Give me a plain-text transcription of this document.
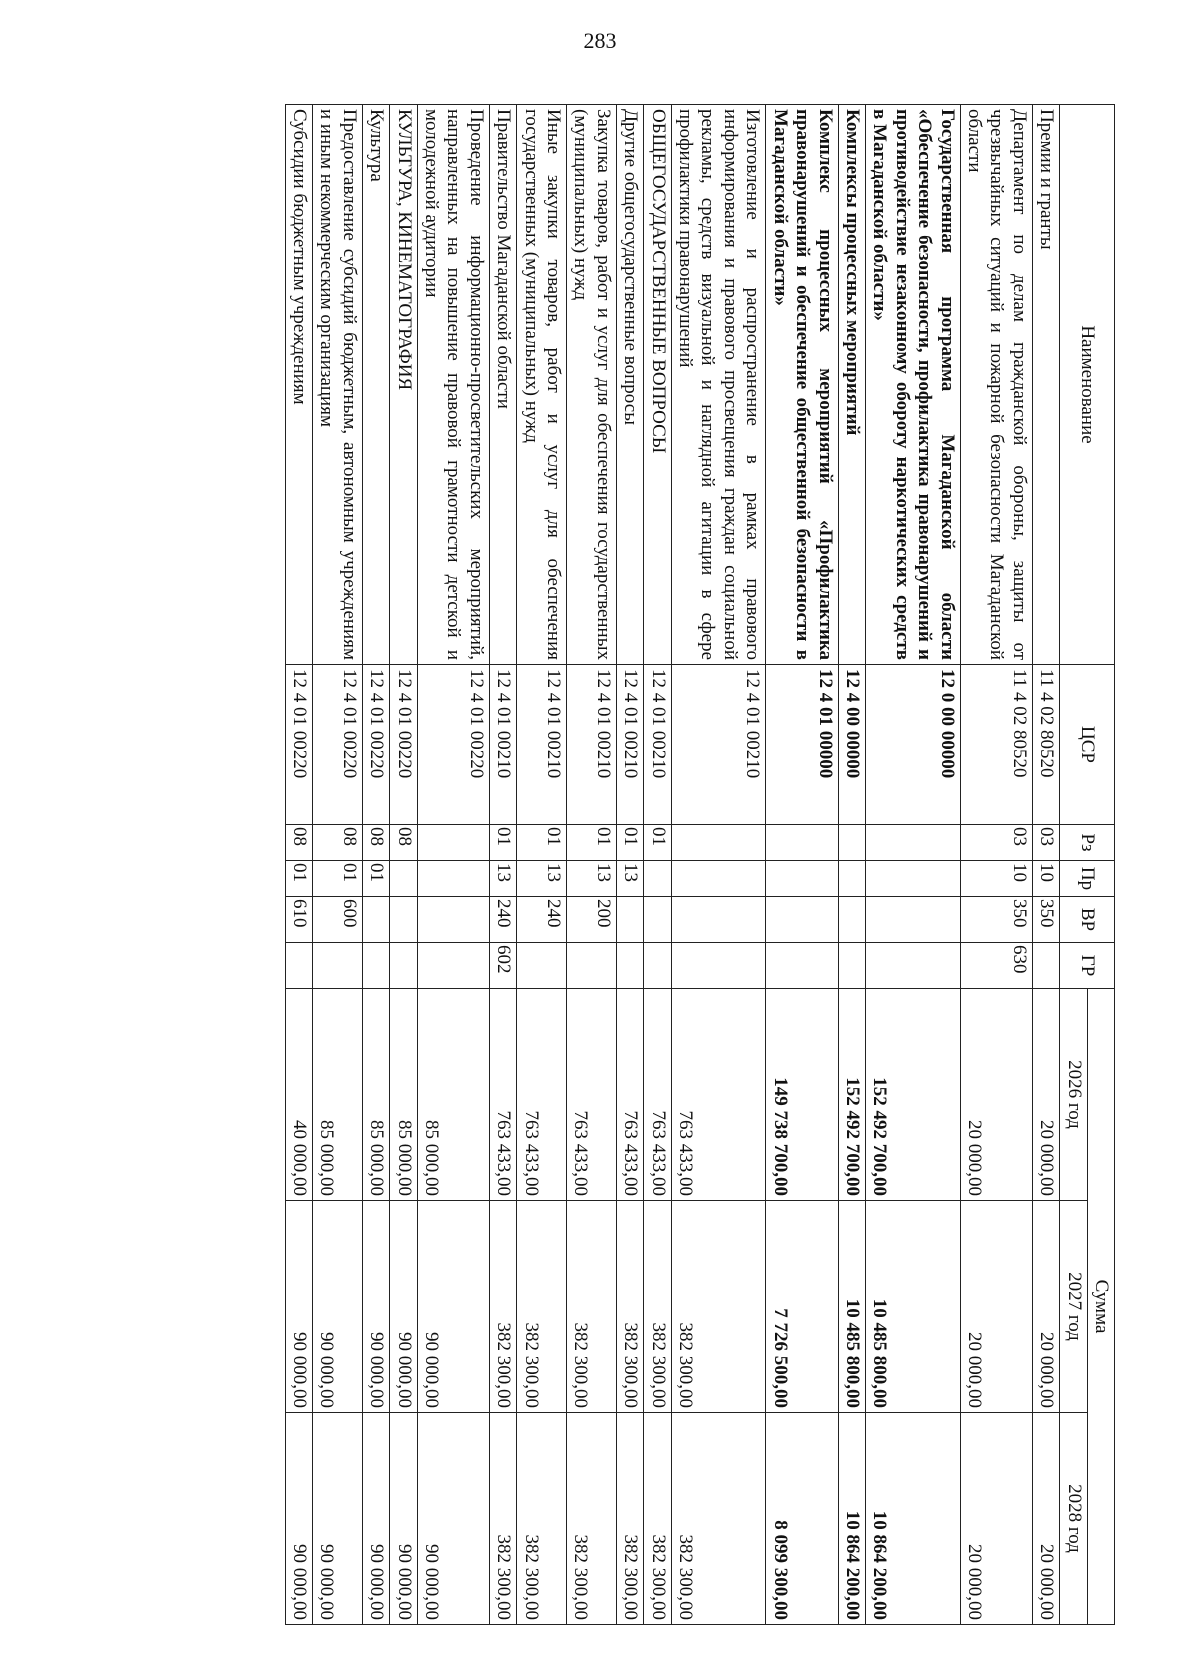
283
Наименование	ЦСР	Рз	Пр	ВР	ГР	Сумма		
						2026 год	2027 год	2028 год
Премии и гранты	11 4 02 80520	03	10	350		20 000,00	20 000,00	20 000,00
Департамент по делам гражданской обороны, защиты от чрезвычайных ситуаций и пожарной безопасности Магаданской области	11 4 02 80520	03	10	350	630	20 000,00	20 000,00	20 000,00
Государственная программа Магаданской области «Обеспечение безопасности, профилактика правонарушений и противодействие незаконному обороту наркотических средств в Магаданской области»	12 0 00 00000					152 492 700,00	10 485 800,00	10 864 200,00
Комплексы процессных мероприятий	12 4 00 00000					152 492 700,00	10 485 800,00	10 864 200,00
Комплекс процессных мероприятий «Профилактика правонарушений и обеспечение общественной безопасности в Магаданской области»	12 4 01 00000					149 738 700,00	7 726 500,00	8 099 300,00
Изготовление и распространение в рамках правового информирования и правового просвещения граждан социальной рекламы, средств визуальной и наглядной агитации в сфере профилактики правонарушений	12 4 01 00210					763 433,00	382 300,00	382 300,00
ОБЩЕГОСУДАРСТВЕННЫЕ ВОПРОСЫ	12 4 01 00210	01				763 433,00	382 300,00	382 300,00
Другие общегосударственные вопросы	12 4 01 00210	01	13			763 433,00	382 300,00	382 300,00
Закупка товаров, работ и услуг для обеспечения государственных (муниципальных) нужд	12 4 01 00210	01	13	200		763 433,00	382 300,00	382 300,00
Иные закупки товаров, работ и услуг для обеспечения государственных (муниципальных) нужд	12 4 01 00210	01	13	240		763 433,00	382 300,00	382 300,00
Правительство Магаданской области	12 4 01 00210	01	13	240	602	763 433,00	382 300,00	382 300,00
Проведение информационно-просветительских мероприятий, направленных на повышение правовой грамотности детской и молодежной аудитории	12 4 01 00220					85 000,00	90 000,00	90 000,00
КУЛЬТУРА, КИНЕМАТОГРАФИЯ	12 4 01 00220	08				85 000,00	90 000,00	90 000,00
Культура	12 4 01 00220	08	01			85 000,00	90 000,00	90 000,00
Предоставление субсидий бюджетным, автономным учреждениям и иным некоммерческим организациям	12 4 01 00220	08	01	600		85 000,00	90 000,00	90 000,00
Субсидии бюджетным учреждениям	12 4 01 00220	08	01	610		40 000,00	90 000,00	90 000,00
